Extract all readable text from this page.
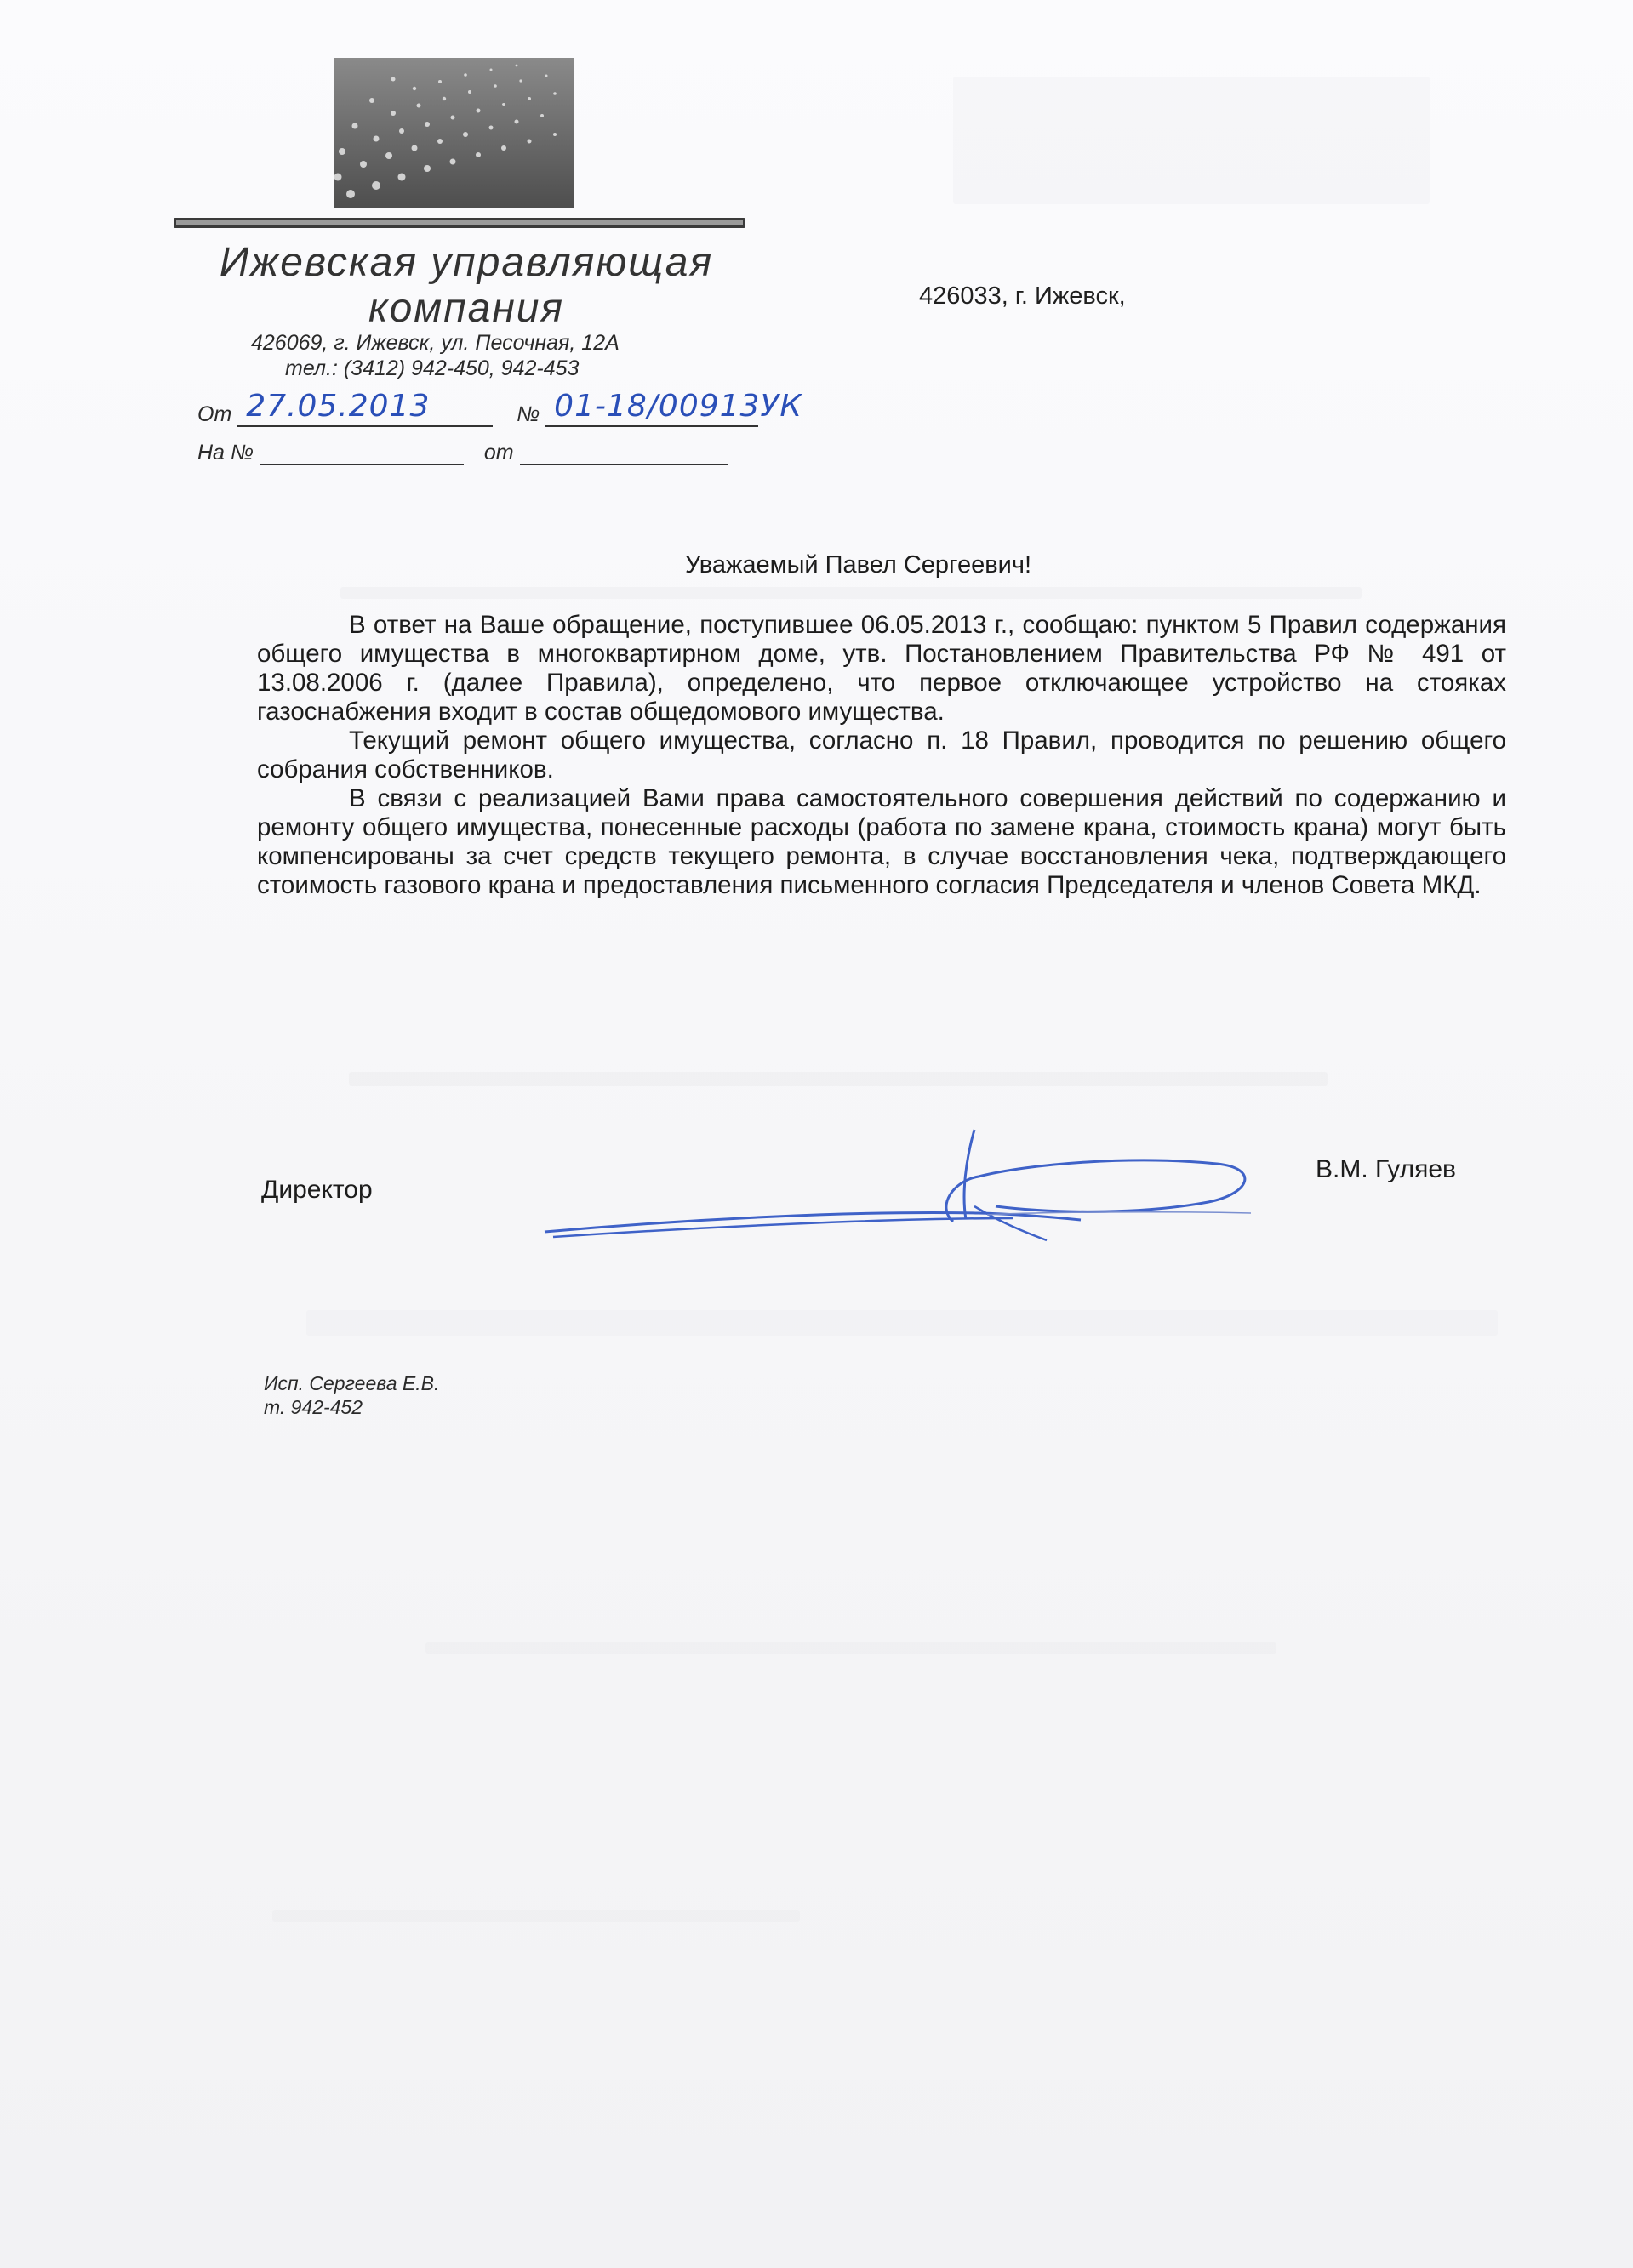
Ижевская управляющая
компания
426069, г. Ижевск, ул. Песочная, 12А
тел.: (3412) 942-450, 942-453
От 27.05.2013	№ 01-18/00913УК
На №	от
426033, г. Ижевск,
Уважаемый Павел Сергеевич!

В ответ на Ваше обращение, поступившее 06.05.2013 г., сообщаю: пунктом 5 Правил содержания общего имущества в многоквартирном доме, утв. Постановлением Правительства РФ № 491 от 13.08.2006 г. (далее Правила), определено, что первое отключающее устройство на стояках газоснабжения входит в состав общедомового имущества.

Текущий ремонт общего имущества, согласно п. 18 Правил, проводится по решению общего собрания собственников.

В связи с реализацией Вами права самостоятельного совершения действий по содержанию и ремонту общего имущества, понесенные расходы (работа по замене крана, стоимость крана) могут быть компенсированы за счет средств текущего ремонта, в случае восстановления чека, подтверждающего стоимость газового крана и предоставления письменного согласия Председателя и членов Совета МКД.

Директор
В.М. Гуляев
Исп. Сергеева Е.В.
т. 942-452
